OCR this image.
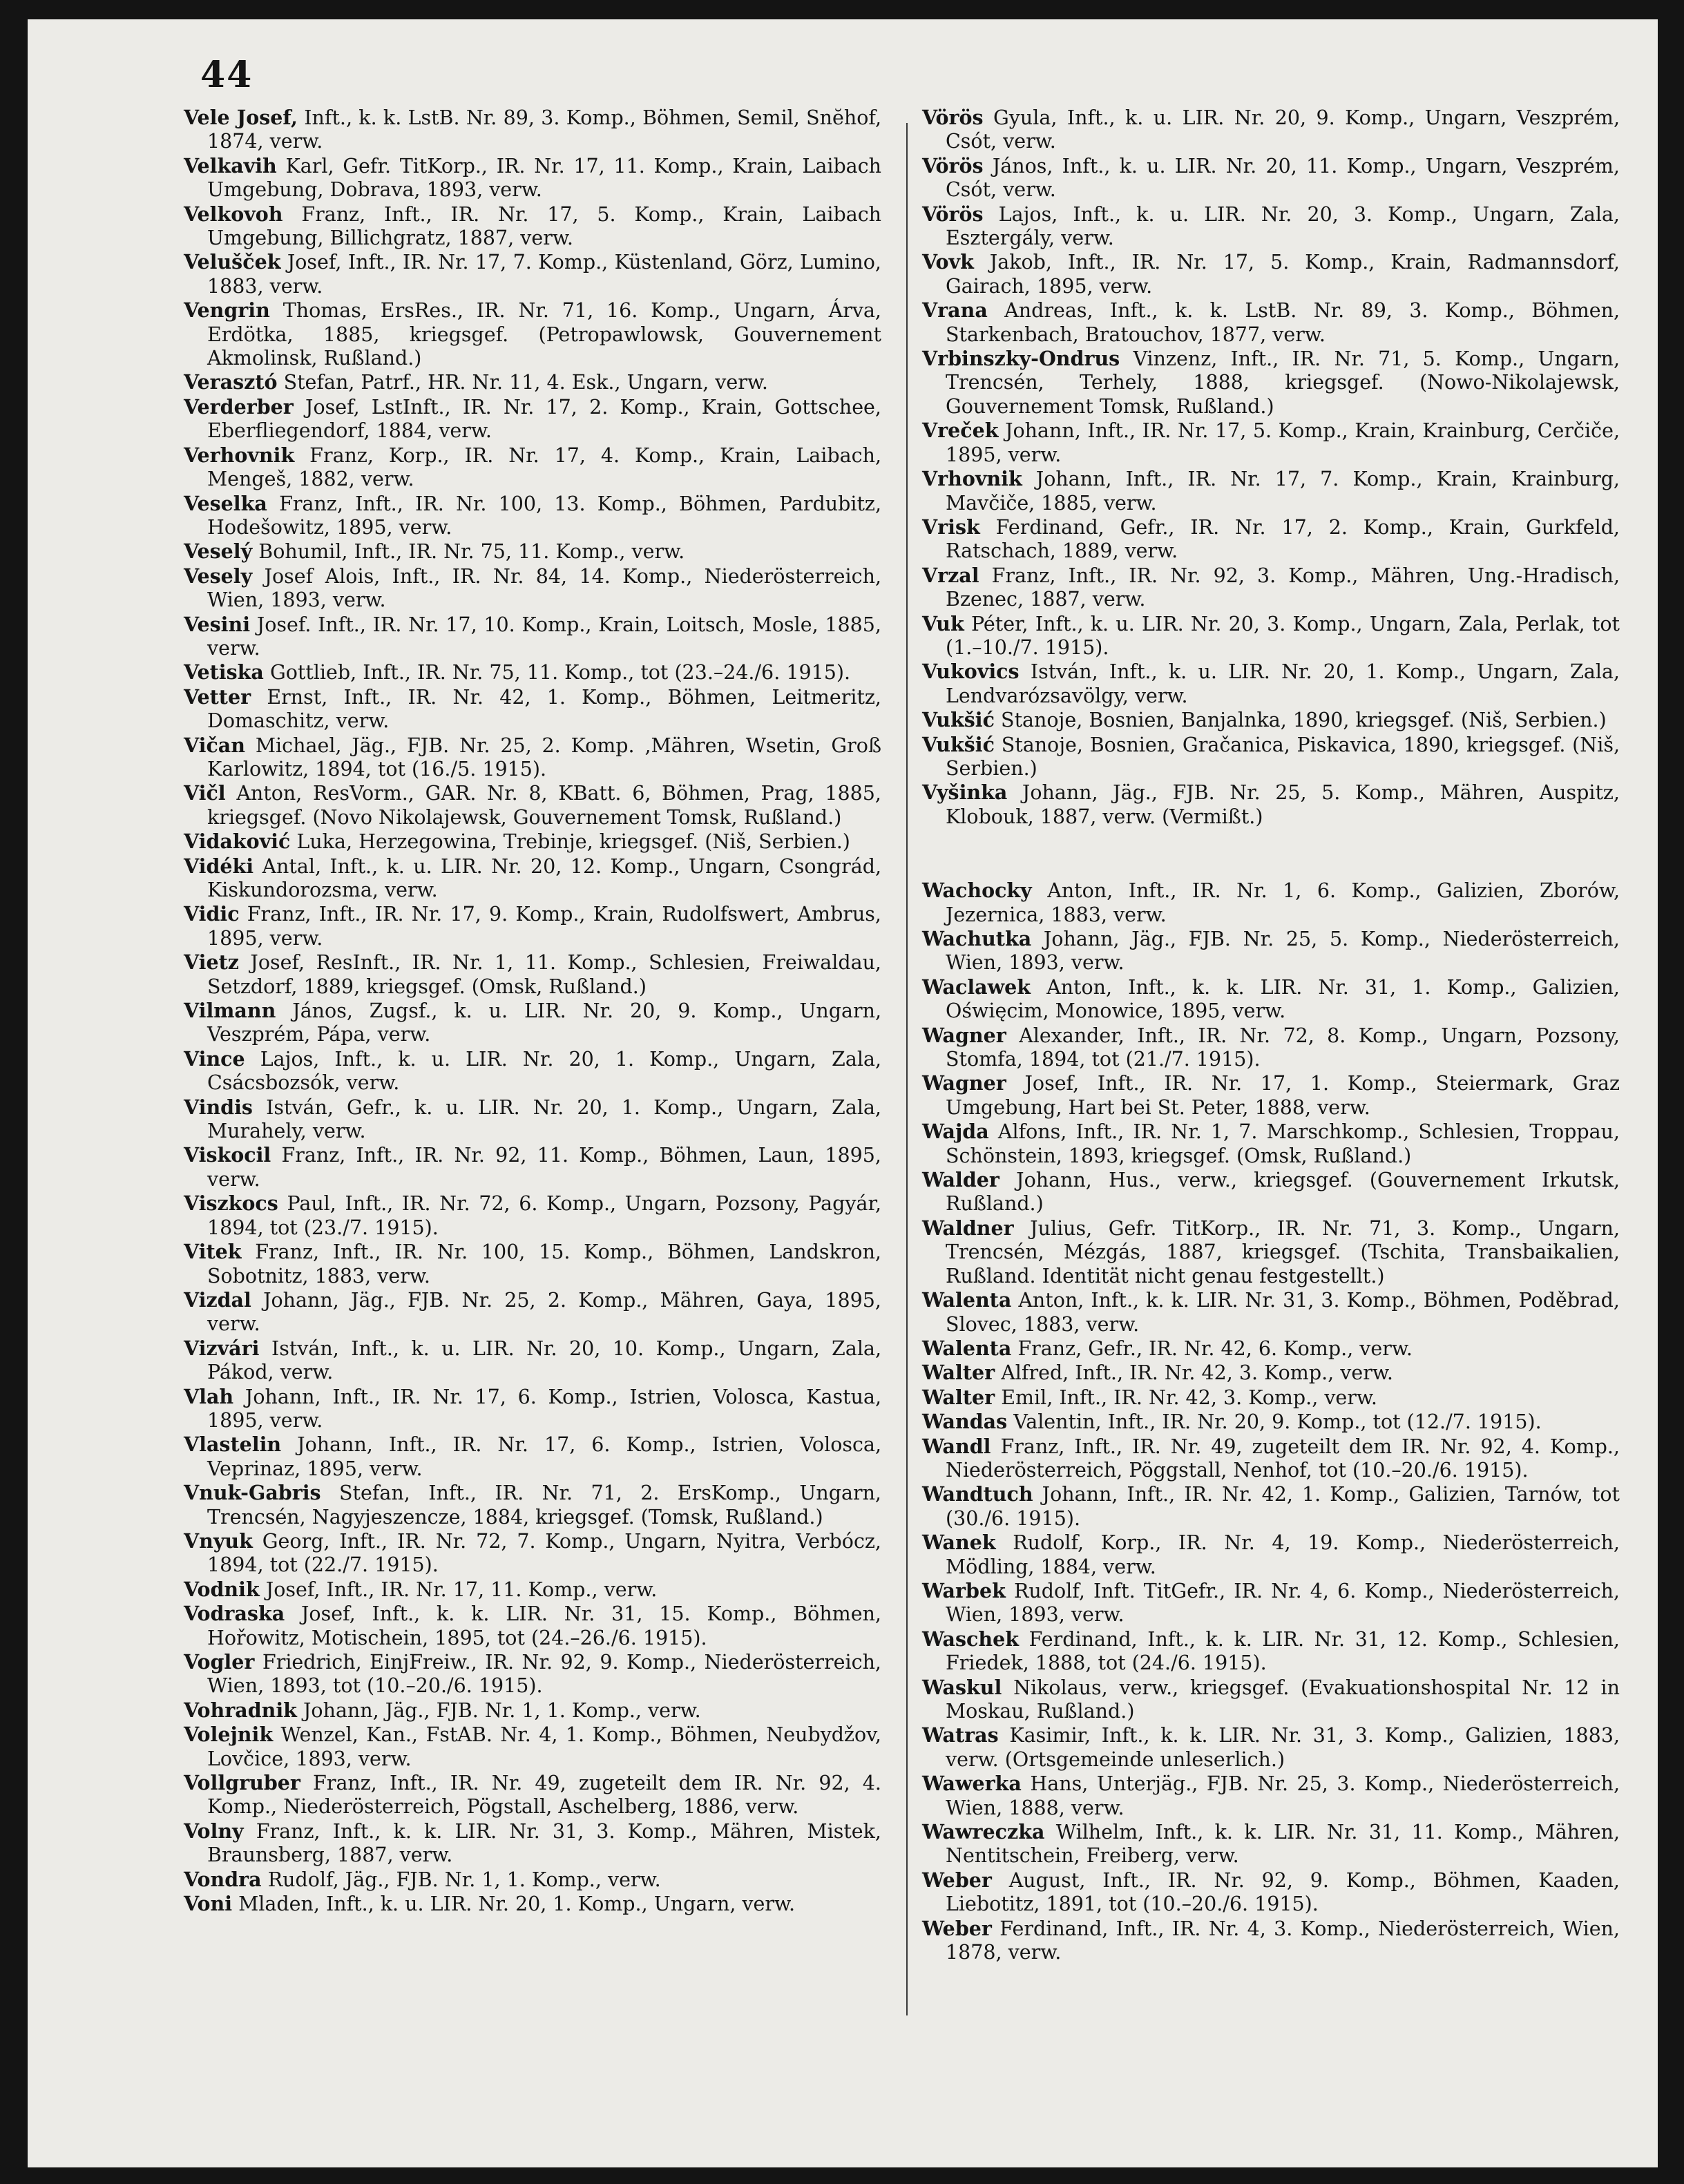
44
Vele Josef, Inft., k. k. LstB. Nr. 89, 3. Komp., Böhmen, Semil, Snĕhof, 1874, verw.
Velkavih Karl, Gefr. TitKorp., IR. Nr. 17, 11. Komp., Krain, Laibach Umgebung, Dobrava, 1893, verw.
Velkovoh Franz, Inft., IR. Nr. 17, 5. Komp., Krain, Laibach Umgebung, Billichgratz, 1887, verw.
Velušček Josef, Inft., IR. Nr. 17, 7. Komp., Küstenland, Görz, Lumino, 1883, verw.
Vengrin Thomas, ErsRes., IR. Nr. 71, 16. Komp., Ungarn, Árva, Erdötka, 1885, kriegsgef. (Petropawlowsk, Gouvernement Akmolinsk, Rußland.)
Verasztó Stefan, Patrf., HR. Nr. 11, 4. Esk., Ungarn, verw.
Verderber Josef, LstInft., IR. Nr. 17, 2. Komp., Krain, Gottschee, Eberfliegendorf, 1884, verw.
Verhovnik Franz, Korp., IR. Nr. 17, 4. Komp., Krain, Laibach, Mengeš, 1882, verw.
Veselka Franz, Inft., IR. Nr. 100, 13. Komp., Böhmen, Pardubitz, Hodešowitz, 1895, verw.
Veselý Bohumil, Inft., IR. Nr. 75, 11. Komp., verw.
Vesely Josef Alois, Inft., IR. Nr. 84, 14. Komp., Niederösterreich, Wien, 1893, verw.
Vesini Josef. Inft., IR. Nr. 17, 10. Komp., Krain, Loitsch, Mosle, 1885, verw.
Vetiska Gottlieb, Inft., IR. Nr. 75, 11. Komp., tot (23.–24./6. 1915).
Vetter Ernst, Inft., IR. Nr. 42, 1. Komp., Böhmen, Leitmeritz, Domaschitz, verw.
Vičan Michael, Jäg., FJB. Nr. 25, 2. Komp. ,Mähren, Wsetin, Groß Karlowitz, 1894, tot (16./5. 1915).
Vičl Anton, ResVorm., GAR. Nr. 8, KBatt. 6, Böhmen, Prag, 1885, kriegsgef. (Novo Nikolajewsk, Gouvernement Tomsk, Rußland.)
Vidaković Luka, Herzegowina, Trebinje, kriegsgef. (Niš, Serbien.)
Vidéki Antal, Inft., k. u. LIR. Nr. 20, 12. Komp., Ungarn, Csongrád, Kiskundorozsma, verw.
Vidic Franz, Inft., IR. Nr. 17, 9. Komp., Krain, Rudolfswert, Ambrus, 1895, verw.
Vietz Josef, ResInft., IR. Nr. 1, 11. Komp., Schlesien, Freiwaldau, Setzdorf, 1889, kriegsgef. (Omsk, Rußland.)
Vilmann János, Zugsf., k. u. LIR. Nr. 20, 9. Komp., Ungarn, Veszprém, Pápa, verw.
Vince Lajos, Inft., k. u. LIR. Nr. 20, 1. Komp., Ungarn, Zala, Csácsbozsók, verw.
Vindis István, Gefr., k. u. LIR. Nr. 20, 1. Komp., Ungarn, Zala, Murahely, verw.
Viskocil Franz, Inft., IR. Nr. 92, 11. Komp., Böhmen, Laun, 1895, verw.
Viszkocs Paul, Inft., IR. Nr. 72, 6. Komp., Ungarn, Pozsony, Pagyár, 1894, tot (23./7. 1915).
Vitek Franz, Inft., IR. Nr. 100, 15. Komp., Böhmen, Landskron, Sobotnitz, 1883, verw.
Vizdal Johann, Jäg., FJB. Nr. 25, 2. Komp., Mähren, Gaya, 1895, verw.
Vizvári István, Inft., k. u. LIR. Nr. 20, 10. Komp., Ungarn, Zala, Pákod, verw.
Vlah Johann, Inft., IR. Nr. 17, 6. Komp., Istrien, Volosca, Kastua, 1895, verw.
Vlastelin Johann, Inft., IR. Nr. 17, 6. Komp., Istrien, Volosca, Veprinaz, 1895, verw.
Vnuk-Gabris Stefan, Inft., IR. Nr. 71, 2. ErsKomp., Ungarn, Trencsén, Nagyjeszencze, 1884, kriegsgef. (Tomsk, Rußland.)
Vnyuk Georg, Inft., IR. Nr. 72, 7. Komp., Ungarn, Nyitra, Verbócz, 1894, tot (22./7. 1915).
Vodnik Josef, Inft., IR. Nr. 17, 11. Komp., verw.
Vodraska Josef, Inft., k. k. LIR. Nr. 31, 15. Komp., Böhmen, Hořowitz, Motischein, 1895, tot (24.–26./6. 1915).
Vogler Friedrich, EinjFreiw., IR. Nr. 92, 9. Komp., Niederösterreich, Wien, 1893, tot (10.–20./6. 1915).
Vohradnik Johann, Jäg., FJB. Nr. 1, 1. Komp., verw.
Volejnik Wenzel, Kan., FstAB. Nr. 4, 1. Komp., Böhmen, Neubydžov, Lovčice, 1893, verw.
Vollgruber Franz, Inft., IR. Nr. 49, zugeteilt dem IR. Nr. 92, 4. Komp., Niederösterreich, Pögstall, Aschelberg, 1886, verw.
Volny Franz, Inft., k. k. LIR. Nr. 31, 3. Komp., Mähren, Mistek, Braunsberg, 1887, verw.
Vondra Rudolf, Jäg., FJB. Nr. 1, 1. Komp., verw.
Voni Mladen, Inft., k. u. LIR. Nr. 20, 1. Komp., Ungarn, verw.
Vörös Gyula, Inft., k. u. LIR. Nr. 20, 9. Komp., Ungarn, Veszprém, Csót, verw.
Vörös János, Inft., k. u. LIR. Nr. 20, 11. Komp., Ungarn, Veszprém, Csót, verw.
Vörös Lajos, Inft., k. u. LIR. Nr. 20, 3. Komp., Ungarn, Zala, Esztergály, verw.
Vovk Jakob, Inft., IR. Nr. 17, 5. Komp., Krain, Radmannsdorf, Gairach, 1895, verw.
Vrana Andreas, Inft., k. k. LstB. Nr. 89, 3. Komp., Böhmen, Starkenbach, Bratouchov, 1877, verw.
Vrbinszky-Ondrus Vinzenz, Inft., IR. Nr. 71, 5. Komp., Ungarn, Trencsén, Terhely, 1888, kriegsgef. (Nowo-Nikolajewsk, Gouvernement Tomsk, Rußland.)
Vreček Johann, Inft., IR. Nr. 17, 5. Komp., Krain, Krainburg, Cerčiče, 1895, verw.
Vrhovnik Johann, Inft., IR. Nr. 17, 7. Komp., Krain, Krainburg, Mavčiče, 1885, verw.
Vrisk Ferdinand, Gefr., IR. Nr. 17, 2. Komp., Krain, Gurkfeld, Ratschach, 1889, verw.
Vrzal Franz, Inft., IR. Nr. 92, 3. Komp., Mähren, Ung.-Hradisch, Bzenec, 1887, verw.
Vuk Péter, Inft., k. u. LIR. Nr. 20, 3. Komp., Ungarn, Zala, Perlak, tot (1.–10./7. 1915).
Vukovics István, Inft., k. u. LIR. Nr. 20, 1. Komp., Ungarn, Zala, Lendvarózsavölgy, verw.
Vukšić Stanoje, Bosnien, Banjalnka, 1890, kriegsgef. (Niš, Serbien.)
Vukšić Stanoje, Bosnien, Gračanica, Piskavica, 1890, kriegsgef. (Niš, Serbien.)
Vyšinka Johann, Jäg., FJB. Nr. 25, 5. Komp., Mähren, Auspitz, Klobouk, 1887, verw. (Vermißt.)
Wachocky Anton, Inft., IR. Nr. 1, 6. Komp., Galizien, Zborów, Jezernica, 1883, verw.
Wachutka Johann, Jäg., FJB. Nr. 25, 5. Komp., Niederösterreich, Wien, 1893, verw.
Waclawek Anton, Inft., k. k. LIR. Nr. 31, 1. Komp., Galizien, Oświęcim, Monowice, 1895, verw.
Wagner Alexander, Inft., IR. Nr. 72, 8. Komp., Ungarn, Pozsony, Stomfa, 1894, tot (21./7. 1915).
Wagner Josef, Inft., IR. Nr. 17, 1. Komp., Steiermark, Graz Umgebung, Hart bei St. Peter, 1888, verw.
Wajda Alfons, Inft., IR. Nr. 1, 7. Marschkomp., Schlesien, Troppau, Schönstein, 1893, kriegsgef. (Omsk, Rußland.)
Walder Johann, Hus., verw., kriegsgef. (Gouvernement Irkutsk, Rußland.)
Waldner Julius, Gefr. TitKorp., IR. Nr. 71, 3. Komp., Ungarn, Trencsén, Mézgás, 1887, kriegsgef. (Tschita, Transbaikalien, Rußland. Identität nicht genau festgestellt.)
Walenta Anton, Inft., k. k. LIR. Nr. 31, 3. Komp., Böhmen, Poděbrad, Slovec, 1883, verw.
Walenta Franz, Gefr., IR. Nr. 42, 6. Komp., verw.
Walter Alfred, Inft., IR. Nr. 42, 3. Komp., verw.
Walter Emil, Inft., IR. Nr. 42, 3. Komp., verw.
Wandas Valentin, Inft., IR. Nr. 20, 9. Komp., tot (12./7. 1915).
Wandl Franz, Inft., IR. Nr. 49, zugeteilt dem IR. Nr. 92, 4. Komp., Niederösterreich, Pöggstall, Nenhof, tot (10.–20./6. 1915).
Wandtuch Johann, Inft., IR. Nr. 42, 1. Komp., Galizien, Tarnów, tot (30./6. 1915).
Wanek Rudolf, Korp., IR. Nr. 4, 19. Komp., Niederösterreich, Mödling, 1884, verw.
Warbek Rudolf, Inft. TitGefr., IR. Nr. 4, 6. Komp., Niederösterreich, Wien, 1893, verw.
Waschek Ferdinand, Inft., k. k. LIR. Nr. 31, 12. Komp., Schlesien, Friedek, 1888, tot (24./6. 1915).
Waskul Nikolaus, verw., kriegsgef. (Evakuationshospital Nr. 12 in Moskau, Rußland.)
Watras Kasimir, Inft., k. k. LIR. Nr. 31, 3. Komp., Galizien, 1883, verw. (Ortsgemeinde unleserlich.)
Wawerka Hans, Unterjäg., FJB. Nr. 25, 3. Komp., Niederösterreich, Wien, 1888, verw.
Wawreczka Wilhelm, Inft., k. k. LIR. Nr. 31, 11. Komp., Mähren, Nentitschein, Freiberg, verw.
Weber August, Inft., IR. Nr. 92, 9. Komp., Böhmen, Kaaden, Liebotitz, 1891, tot (10.–20./6. 1915).
Weber Ferdinand, Inft., IR. Nr. 4, 3. Komp., Niederösterreich, Wien, 1878, verw.
